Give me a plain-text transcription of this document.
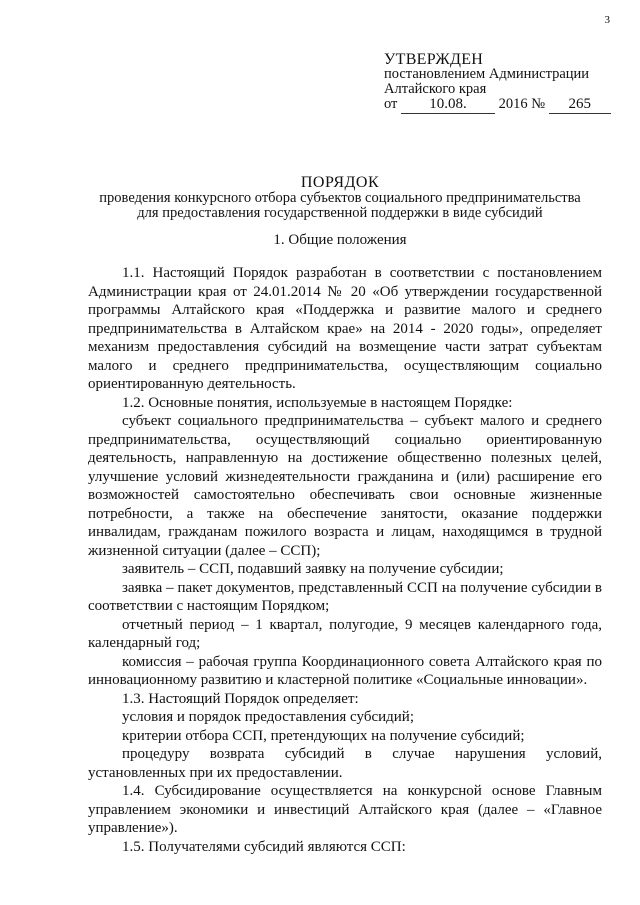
3
УТВЕРЖДЕН
постановлением Администрации
Алтайского края
от 10.08. 2016 № 265
ПОРЯДОК
проведения конкурсного отбора субъектов социального предпринимательства
для предоставления государственной поддержки в виде субсидий
1. Общие положения

1.1. Настоящий Порядок разработан в соответствии с постановлением Администрации края от 24.01.2014 № 20 «Об утверждении государственной программы Алтайского края «Поддержка и развитие малого и среднего предпринимательства в Алтайском крае» на 2014 - 2020 годы», определяет механизм предоставления субсидий на возмещение части затрат субъектам малого и среднего предпринимательства, осуществляющим социально ориентированную деятельность.

1.2. Основные понятия, используемые в настоящем Порядке:

субъект социального предпринимательства – субъект малого и среднего предпринимательства, осуществляющий социально ориентированную деятельность, направленную на достижение общественно полезных целей, улучшение условий жизнедеятельности гражданина и (или) расширение его возможностей самостоятельно обеспечивать свои основные жизненные потребности, а также на обеспечение занятости, оказание поддержки инвалидам, гражданам пожилого возраста и лицам, находящимся в трудной жизненной ситуации (далее – ССП);

заявитель – ССП, подавший заявку на получение субсидии;

заявка – пакет документов, представленный ССП на получение субсидии в соответствии с настоящим Порядком;

отчетный период – 1 квартал, полугодие, 9 месяцев календарного года, календарный год;

комиссия – рабочая группа Координационного совета Алтайского края по инновационному развитию и кластерной политике «Социальные инновации».

1.3. Настоящий Порядок определяет:

условия и порядок предоставления субсидий;

критерии отбора ССП, претендующих на получение субсидий;

процедуру возврата субсидий в случае нарушения условий, установленных при их предоставлении.

1.4. Субсидирование осуществляется на конкурсной основе Главным управлением экономики и инвестиций Алтайского края (далее – «Главное управление»).

1.5. Получателями субсидий являются ССП:
